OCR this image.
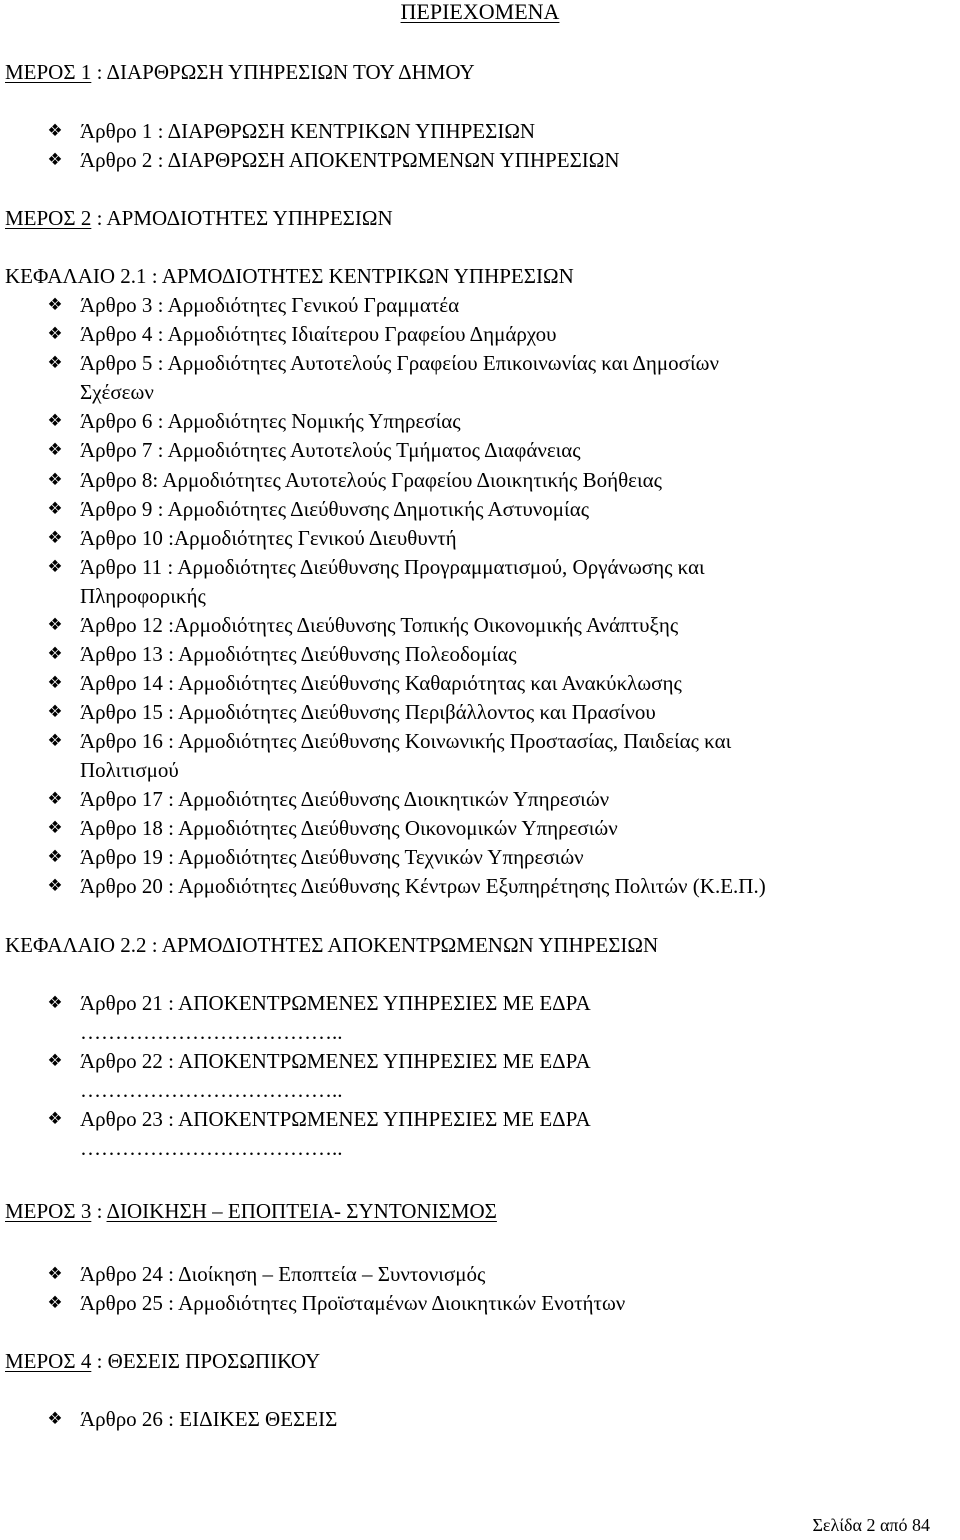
ΠΕΡΙΕΧΟΜΕΝΑ
ΜΕΡΟΣ 1 : ΔΙΑΡΘΡΩΣΗ ΥΠΗΡΕΣΙΩΝ ΤΟΥ ΔΗΜΟΥ
❖ Άρθρο 1 : ΔΙΑΡΘΡΩΣΗ ΚΕΝΤΡΙΚΩΝ ΥΠΗΡΕΣΙΩΝ
❖ Άρθρο 2 : ΔΙΑΡΘΡΩΣΗ ΑΠΟΚΕΝΤΡΩΜΕΝΩΝ ΥΠΗΡΕΣΙΩΝ
ΜΕΡΟΣ 2 : ΑΡΜΟΔΙΟΤΗΤΕΣ ΥΠΗΡΕΣΙΩΝ
ΚΕΦΑΛΑΙΟ 2.1 : ΑΡΜΟΔΙΟΤΗΤΕΣ ΚΕΝΤΡΙΚΩΝ ΥΠΗΡΕΣΙΩΝ
❖ Άρθρο 3 : Αρμοδιότητες Γενικού Γραμματέα
❖ Άρθρο 4 : Αρμοδιότητες Ιδιαίτερου Γραφείου Δημάρχου
❖ Άρθρο 5 : Αρμοδιότητες Αυτοτελούς Γραφείου Επικοινωνίας και Δημοσίων
Σχέσεων
❖ Άρθρο 6 : Αρμοδιότητες Νομικής Υπηρεσίας
❖ Άρθρο 7 : Αρμοδιότητες Αυτοτελούς Τμήματος Διαφάνειας
❖ Άρθρο 8: Αρμοδιότητες Αυτοτελούς Γραφείου Διοικητικής Βοήθειας
❖ Άρθρο 9 : Αρμοδιότητες Διεύθυνσης Δημοτικής Αστυνομίας
❖ Άρθρο 10 :Αρμοδιότητες Γενικού Διευθυντή
❖ Άρθρο 11 : Αρμοδιότητες Διεύθυνσης Προγραμματισμού, Οργάνωσης και
Πληροφορικής
❖ Άρθρο 12 :Αρμοδιότητες Διεύθυνσης Τοπικής Οικονομικής Ανάπτυξης
❖ Άρθρο 13 : Αρμοδιότητες Διεύθυνσης Πολεοδομίας
❖ Άρθρο 14 : Αρμοδιότητες Διεύθυνσης Καθαριότητας και Ανακύκλωσης
❖ Άρθρο 15 : Αρμοδιότητες Διεύθυνσης Περιβάλλοντος και Πρασίνου
❖ Άρθρο 16 : Αρμοδιότητες Διεύθυνσης Κοινωνικής Προστασίας, Παιδείας και
Πολιτισμού
❖ Άρθρο 17 : Αρμοδιότητες Διεύθυνσης Διοικητικών Υπηρεσιών
❖ Άρθρο 18 : Αρμοδιότητες Διεύθυνσης Οικονομικών Υπηρεσιών
❖ Άρθρο 19 : Αρμοδιότητες Διεύθυνσης Τεχνικών Υπηρεσιών
❖ Άρθρο 20 : Αρμοδιότητες Διεύθυνσης Κέντρων Εξυπηρέτησης Πολιτών (Κ.Ε.Π.)
ΚΕΦΑΛΑΙΟ 2.2 : ΑΡΜΟΔΙΟΤΗΤΕΣ ΑΠΟΚΕΝΤΡΩΜΕΝΩΝ ΥΠΗΡΕΣΙΩΝ
❖ Άρθρο 21 : ΑΠΟΚΕΝΤΡΩΜΕΝΕΣ ΥΠΗΡΕΣΙΕΣ ΜΕ ΕΔΡΑ
………………………………..
❖ Άρθρο 22 : ΑΠΟΚΕΝΤΡΩΜΕΝΕΣ ΥΠΗΡΕΣΙΕΣ ΜΕ ΕΔΡΑ
………………………………..
❖ Αρθρο 23 : ΑΠΟΚΕΝΤΡΩΜΕΝΕΣ ΥΠΗΡΕΣΙΕΣ ΜΕ ΕΔΡΑ
………………………………..
ΜΕΡΟΣ 3 : ΔΙΟΙΚΗΣΗ – ΕΠΟΠΤΕΙΑ- ΣΥΝΤΟΝΙΣΜΟΣ
❖ Άρθρο 24 : Διοίκηση – Εποπτεία – Συντονισμός
❖ Άρθρο 25 : Αρμοδιότητες Προϊσταμένων Διοικητικών Ενοτήτων
ΜΕΡΟΣ 4 : ΘΕΣΕΙΣ ΠΡΟΣΩΠΙΚΟΥ
❖ Άρθρο 26 : ΕΙΔΙΚΕΣ ΘΕΣΕΙΣ
Σελίδα 2 από 84
